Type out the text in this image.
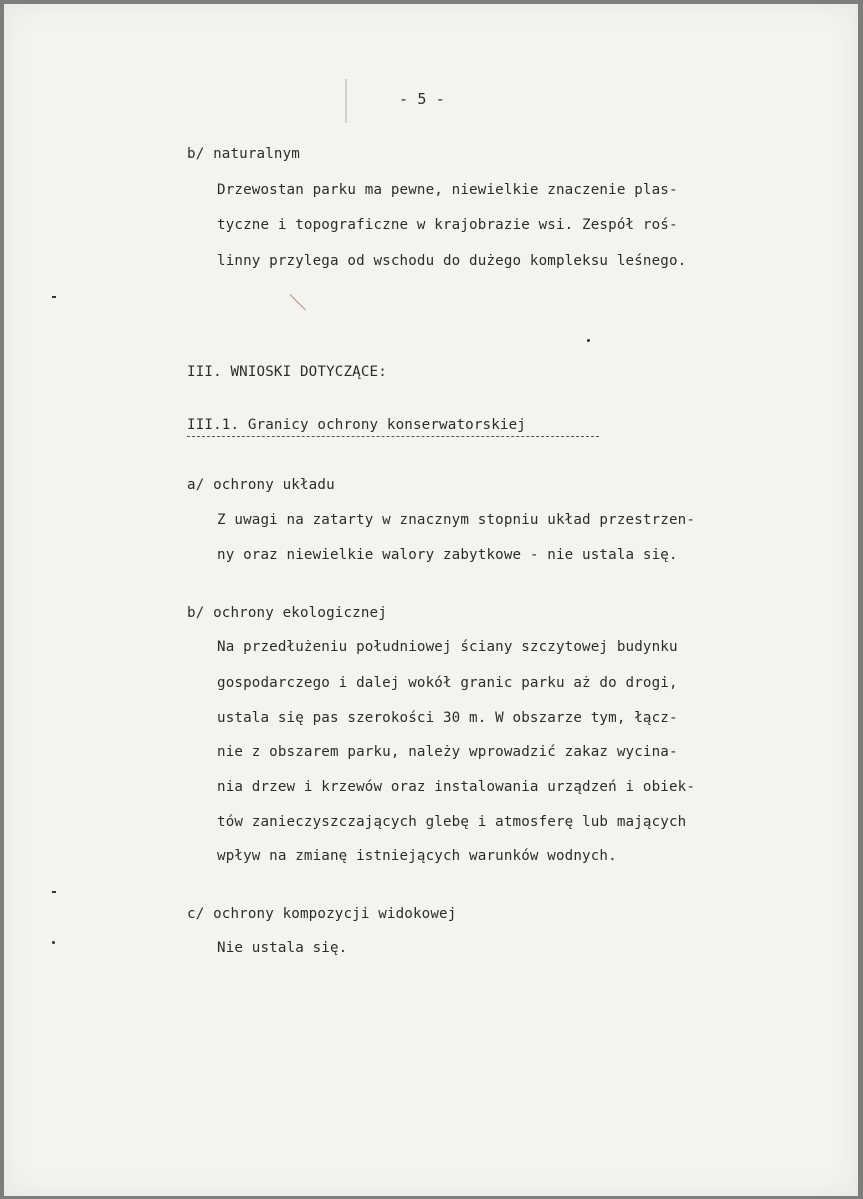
- 5 -
b/ naturalnym
Drzewostan parku ma pewne, niewielkie znaczenie plas-
tyczne i topograficzne w krajobrazie wsi. Zespół roś-
linny przylega od wschodu do dużego kompleksu leśnego.
III. WNIOSKI DOTYCZĄCE:
III.1. Granicy ochrony konserwatorskiej
a/ ochrony układu
Z uwagi na zatarty w znacznym stopniu układ przestrzen-
ny oraz niewielkie walory zabytkowe - nie ustala się.
b/ ochrony ekologicznej
Na przedłużeniu południowej ściany szczytowej budynku
gospodarczego i dalej wokół granic parku aż do drogi,
ustala się pas szerokości 30 m. W obszarze tym, łącz-
nie z obszarem parku, należy wprowadzić zakaz wycina-
nia drzew i krzewów oraz instalowania urządzeń i obiek-
tów zanieczyszczających glebę i atmosferę lub mających
wpływ na zmianę istniejących warunków wodnych.
c/ ochrony kompozycji widokowej
Nie ustala się.
